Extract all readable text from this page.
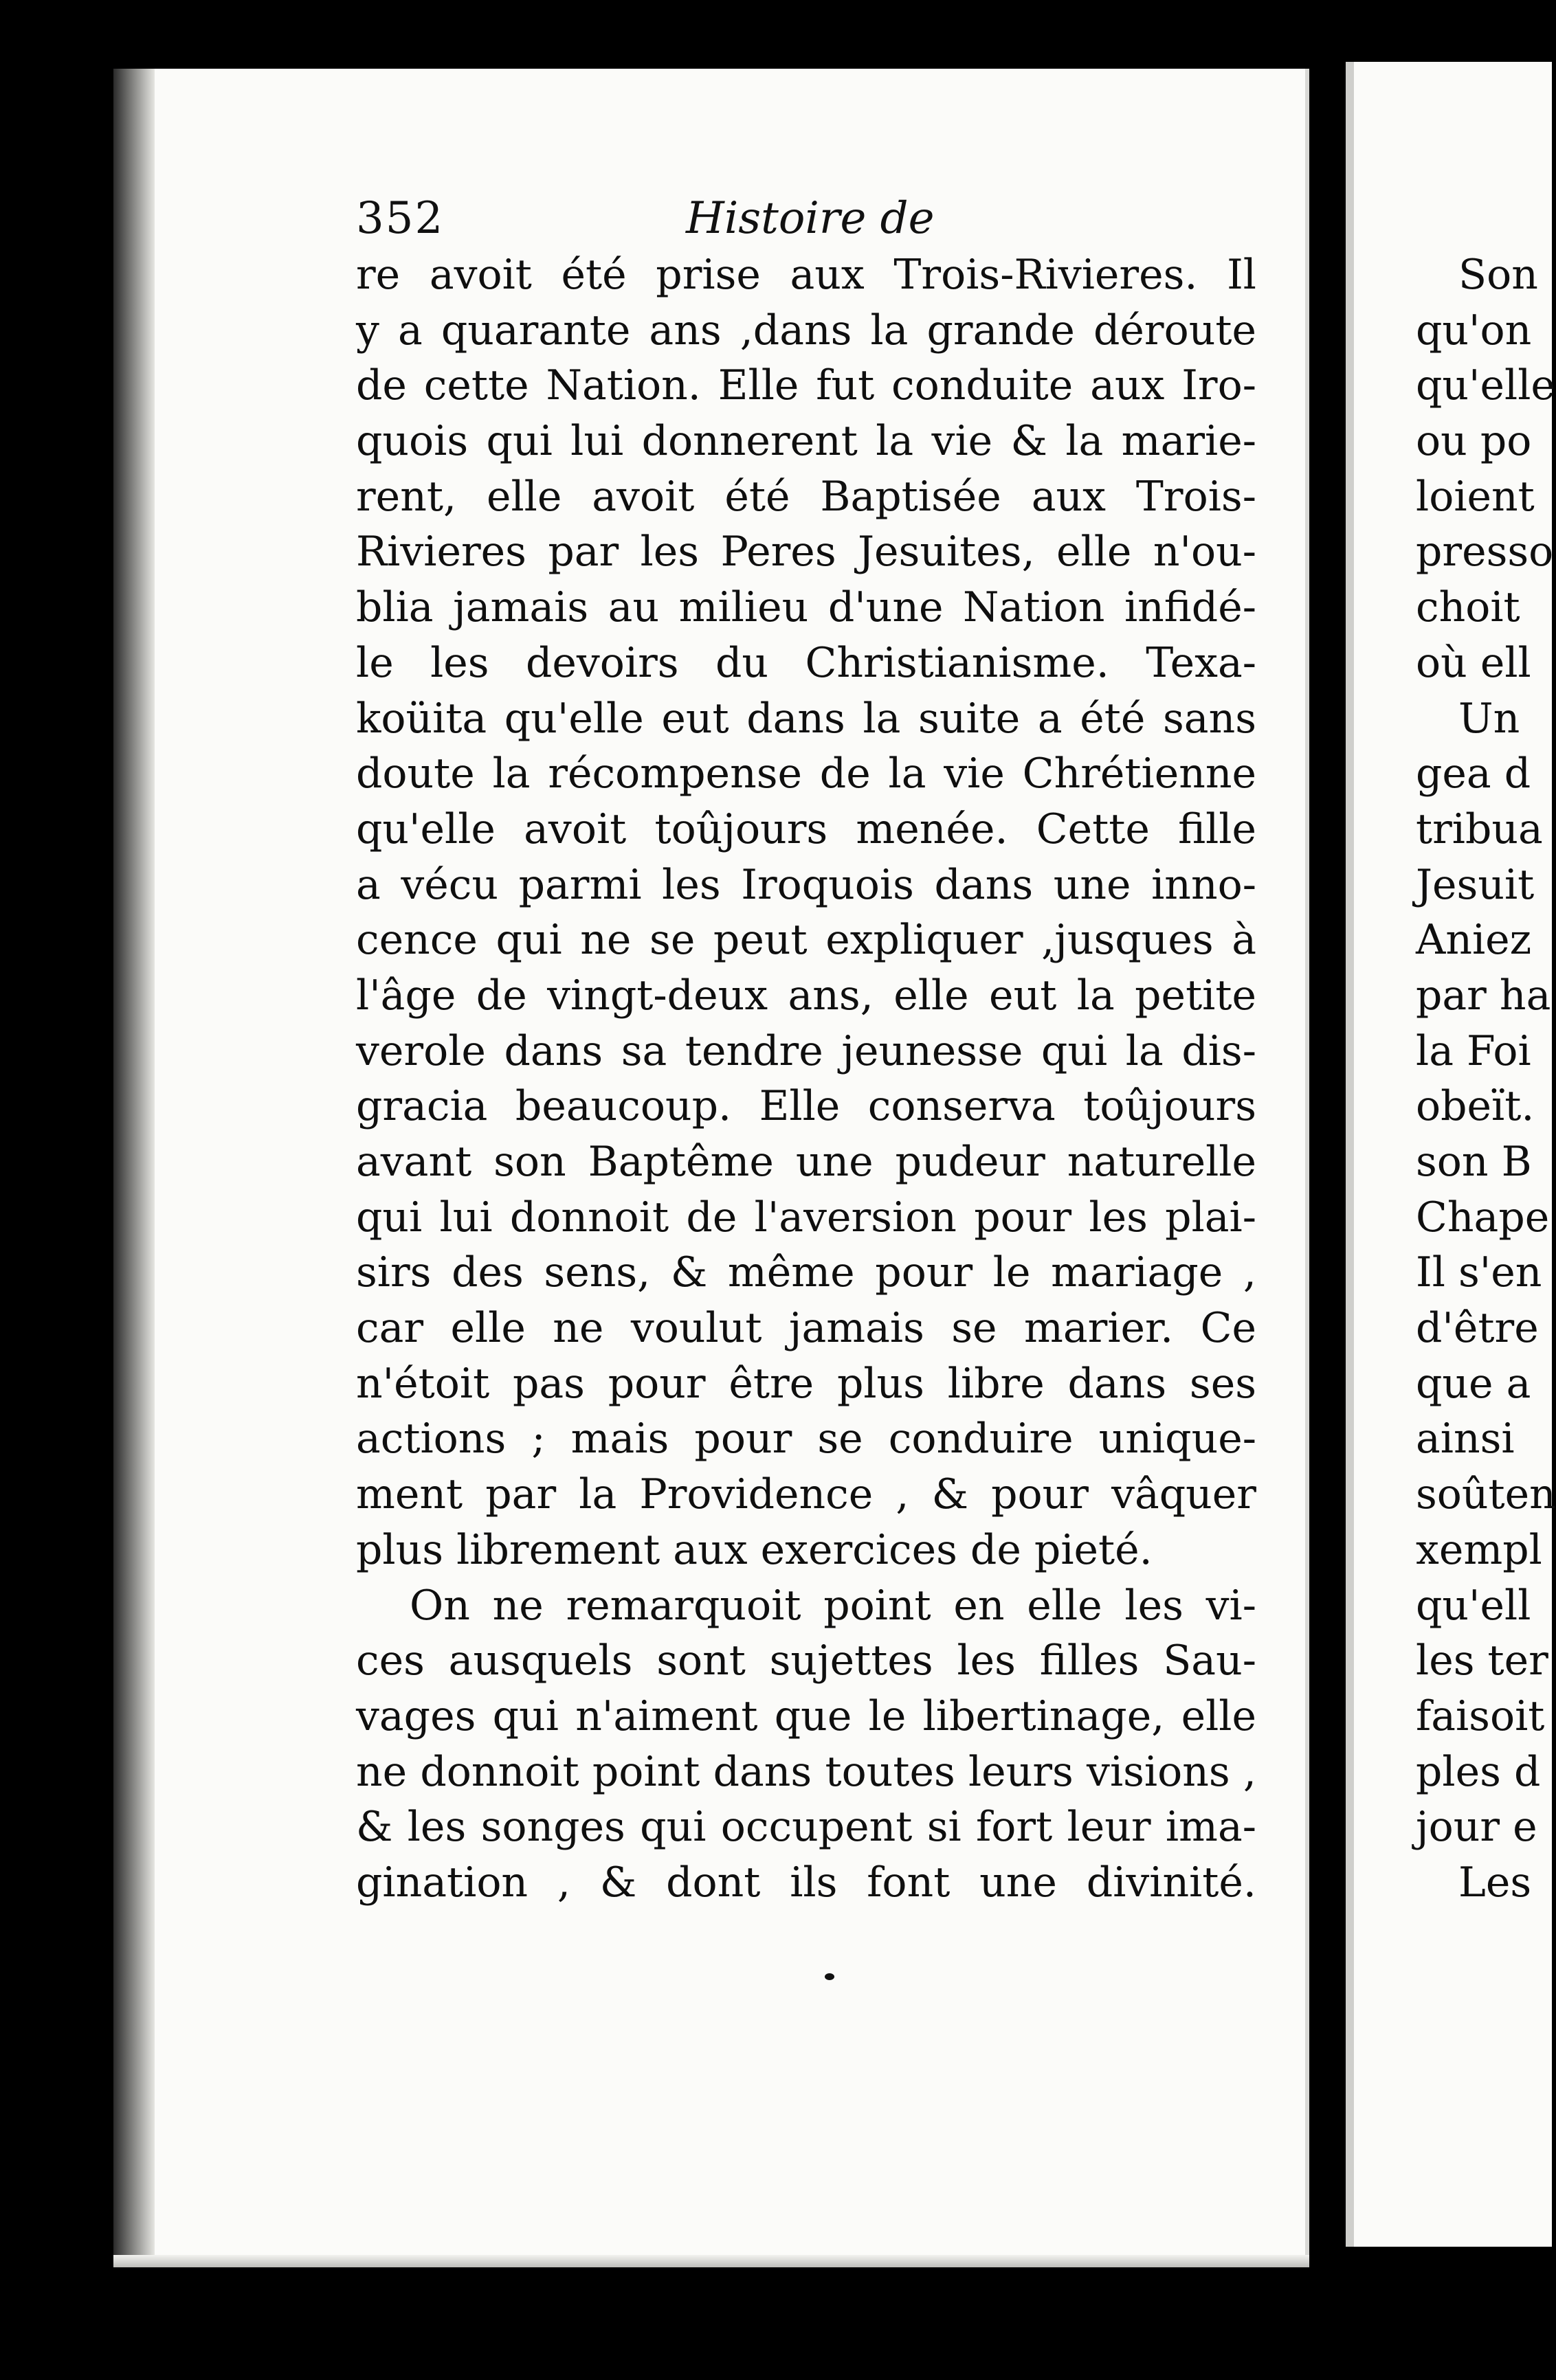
352	Histoire de
re avoit été prise aux Trois-Rivieres. Il
y a quarante ans ,dans la grande déroute
de cette Nation. Elle fut conduite aux Iro-
quois qui lui donnerent la vie & la marie-
rent, elle avoit été Baptisée aux Trois-
Rivieres par les Peres Jesuites, elle n'ou-
blia jamais au milieu d'une Nation infidé-
le les devoirs du Christianisme. Texa-
koüita qu'elle eut dans la suite a été sans
doute la récompense de la vie Chrétienne
qu'elle avoit toûjours menée. Cette fille
a vécu parmi les Iroquois dans une inno-
cence qui ne se peut expliquer ,jusques à
l'âge de vingt-deux ans, elle eut la petite
verole dans sa tendre jeunesse qui la dis-
gracia beaucoup. Elle conserva toûjours
avant son Baptême une pudeur naturelle
qui lui donnoit de l'aversion pour les plai-
sirs des sens, & même pour le mariage ,
car elle ne voulut jamais se marier. Ce
n'étoit pas pour être plus libre dans ses
actions ; mais pour se conduire unique-
ment par la Providence , & pour vâquer
plus librement aux exercices de pieté.
On ne remarquoit point en elle les vi-
ces ausquels sont sujettes les filles Sau-
vages qui n'aiment que le libertinage, elle
ne donnoit point dans toutes leurs visions ,
& les songes qui occupent si fort leur ima-
gination , & dont ils font une divinité.
Son
qu'on
qu'elle
ou po
loient
presso
choit
où ell
Un
gea d
tribua
Jesuit
Aniez
par ha
la Foi
obeït.
son B
Chape
Il s'en
d'être
que a
ainsi
soûten
xempl
qu'ell
les ter
faisoit
ples d
jour e
Les
